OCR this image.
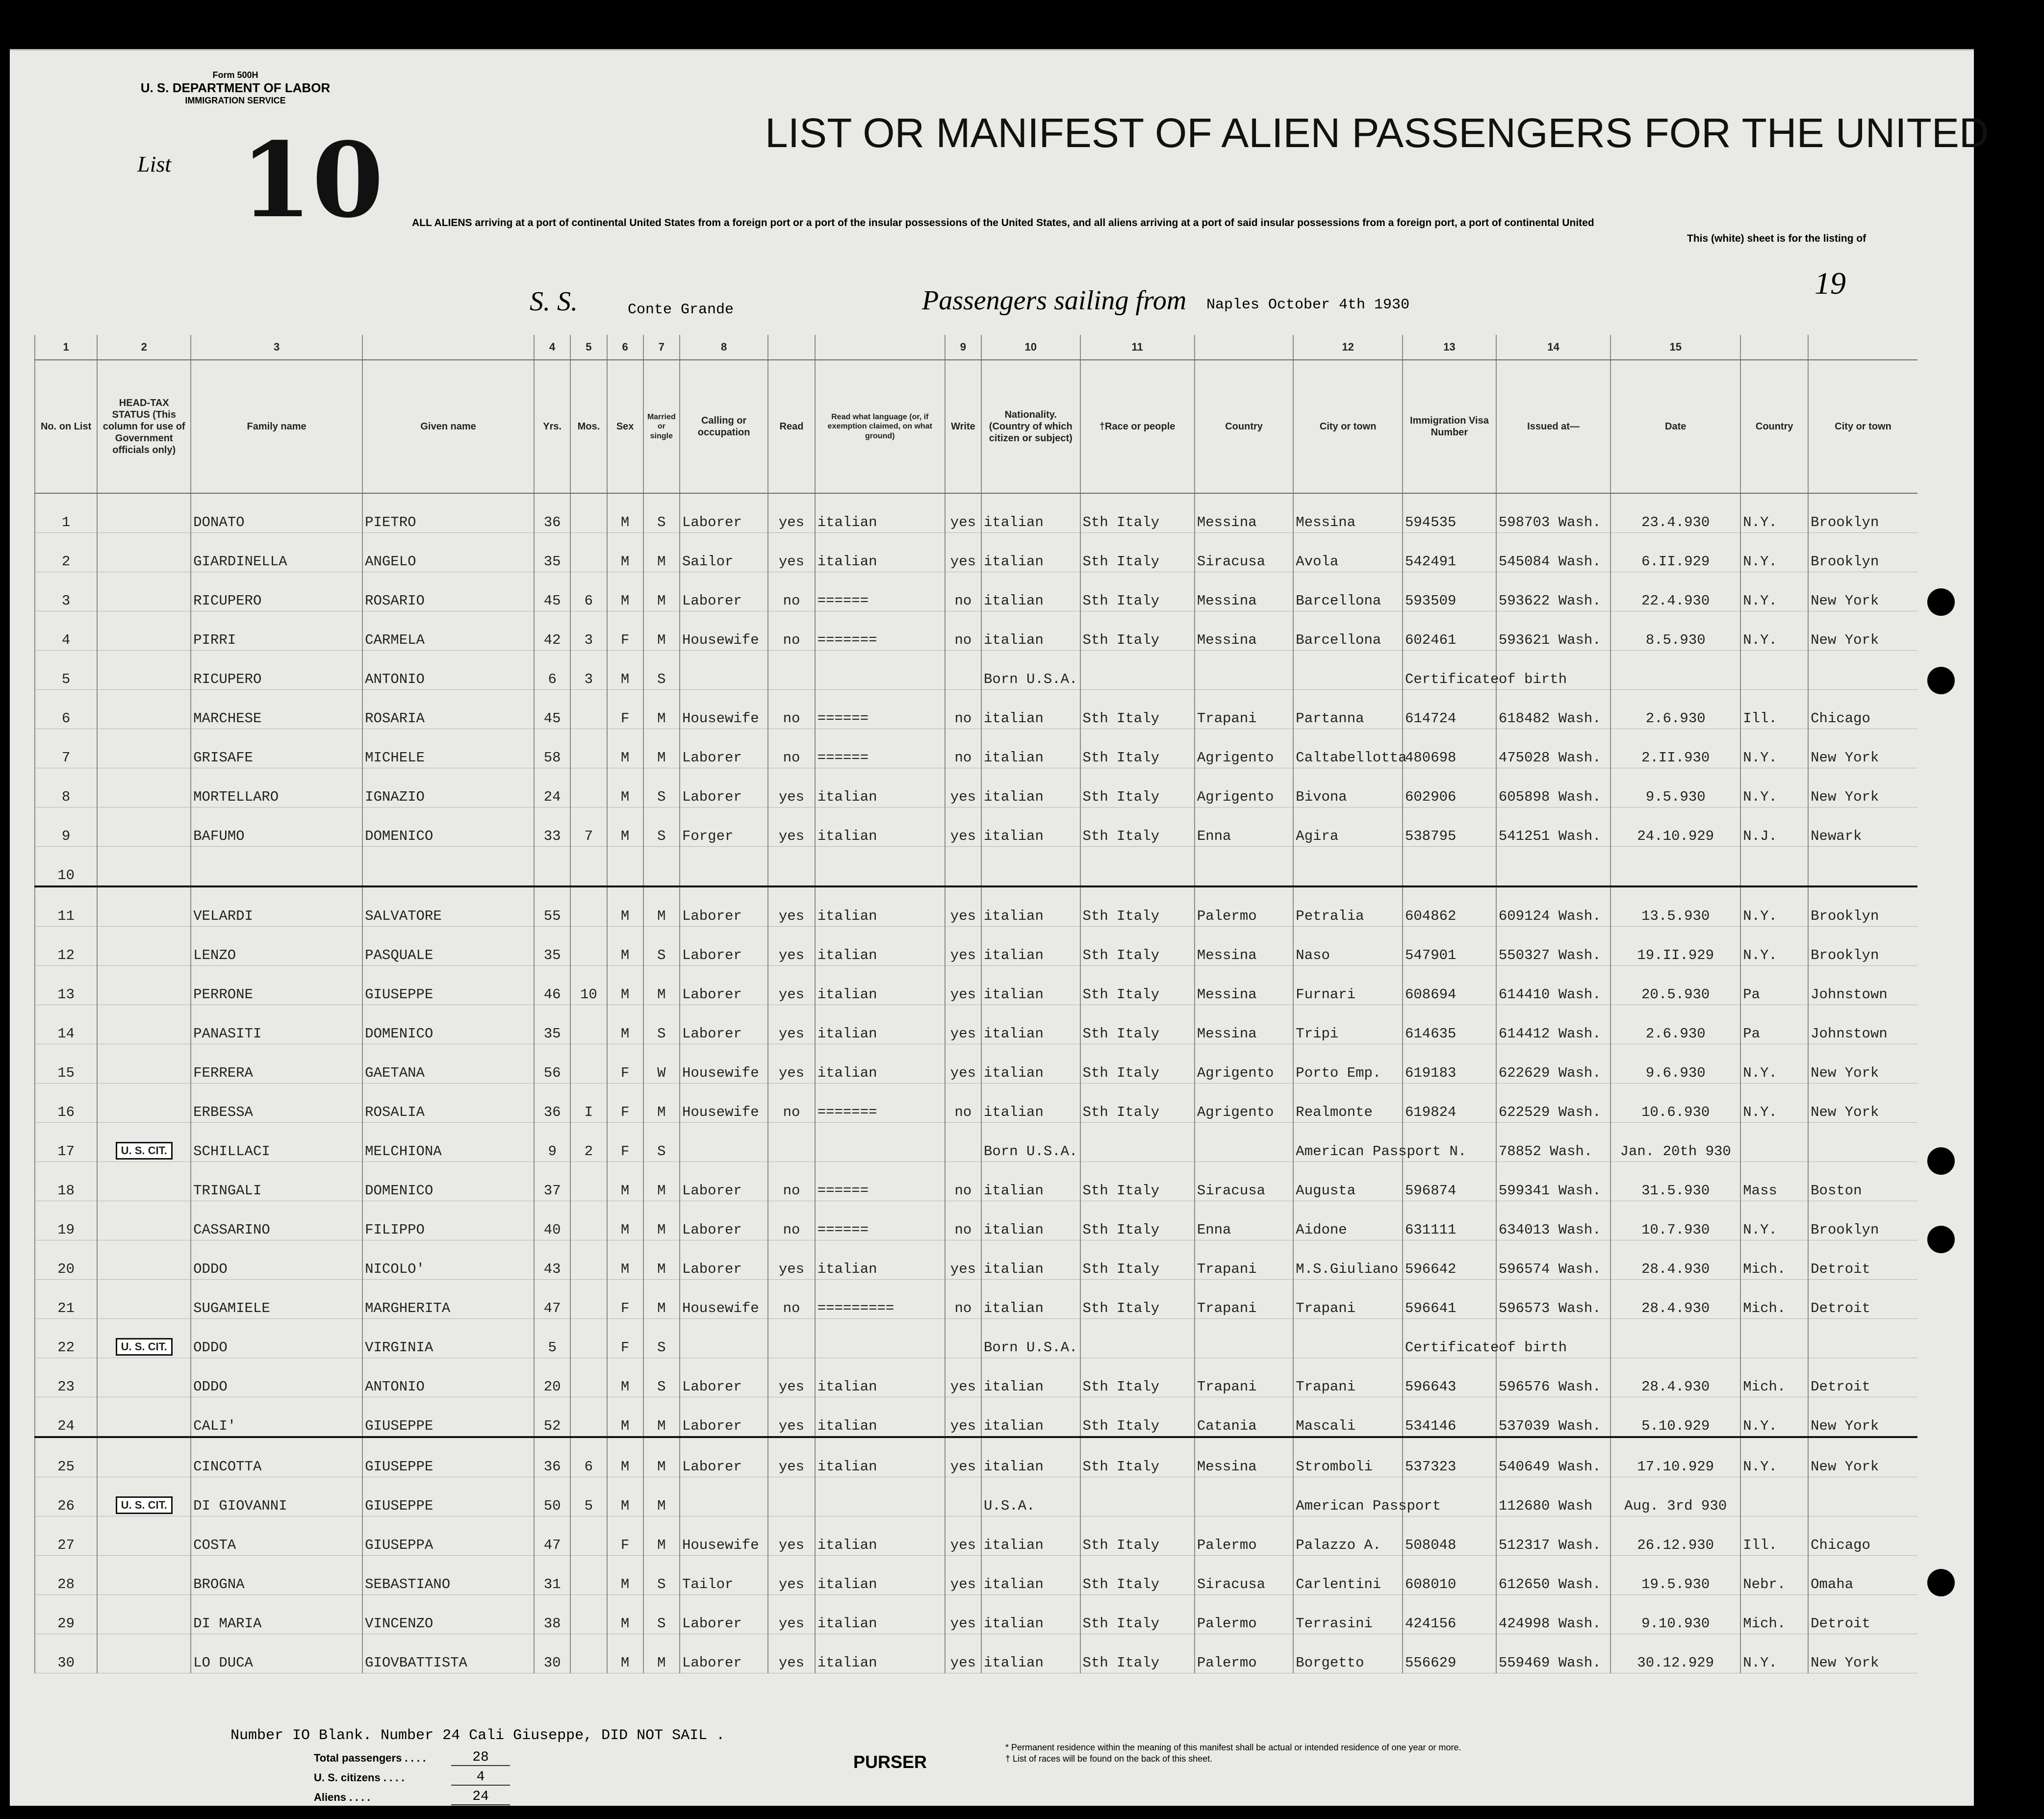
Form 500H
U. S. DEPARTMENT OF LABOR
IMMIGRATION SERVICE
List 10	LIST OR MANIFEST OF ALIEN PASSENGERS FOR THE UNITED
ALL ALIENS arriving at a port of continental United States from a foreign port or a port of the insular possessions of the United States, and all aliens arriving at a port of said insular possessions from a foreign port, a port of continental United
This (white) sheet is for the listing of
S. S.	Conte Grande	Passengers sailing from Naples October 4th 1930
19
1	2	3		4	5	6	7	8			9	10	11		12	13	14	15		
No. on List	HEAD-TAX STATUS (This column for use of Government officials only)	Family name	Given name	Yrs.	Mos.	Sex	Married or single	Calling or occupation	Read	Read what language (or, if exemption claimed, on what ground)	Write	Nationality. (Country of which citizen or subject)	†Race or people	Country	City or town	Immigration Visa Number	Issued at—	Date	Country	City or town
1		DONATO	PIETRO	36		M	S	Laborer	yes	italian	yes	italian	Sth Italy	Messina	Messina	594535	598703 Wash.	23.4.930	N.Y.	Brooklyn
2		GIARDINELLA	ANGELO	35		M	M	Sailor	yes	italian	yes	italian	Sth Italy	Siracusa	Avola	542491	545084 Wash.	6.II.929	N.Y.	Brooklyn
3		RICUPERO	ROSARIO	45	6	M	M	Laborer	no	======	no	italian	Sth Italy	Messina	Barcellona	593509	593622 Wash.	22.4.930	N.Y.	New York
4		PIRRI	CARMELA	42	3	F	M	Housewife	no	=======	no	italian	Sth Italy	Messina	Barcellona	602461	593621 Wash.	8.5.930	N.Y.	New York
5		RICUPERO	ANTONIO	6	3	M	S					Born U.S.A.				Certificate	of birth			
6		MARCHESE	ROSARIA	45		F	M	Housewife	no	======	no	italian	Sth Italy	Trapani	Partanna	614724	618482 Wash.	2.6.930	Ill.	Chicago
7		GRISAFE	MICHELE	58		M	M	Laborer	no	======	no	italian	Sth Italy	Agrigento	Caltabellotta	480698	475028 Wash.	2.II.930	N.Y.	New York
8		MORTELLARO	IGNAZIO	24		M	S	Laborer	yes	italian	yes	italian	Sth Italy	Agrigento	Bivona	602906	605898 Wash.	9.5.930	N.Y.	New York
9		BAFUMO	DOMENICO	33	7	M	S	Forger	yes	italian	yes	italian	Sth Italy	Enna	Agira	538795	541251 Wash.	24.10.929	N.J.	Newark
10																				
11		VELARDI	SALVATORE	55		M	M	Laborer	yes	italian	yes	italian	Sth Italy	Palermo	Petralia	604862	609124 Wash.	13.5.930	N.Y.	Brooklyn
12		LENZO	PASQUALE	35		M	S	Laborer	yes	italian	yes	italian	Sth Italy	Messina	Naso	547901	550327 Wash.	19.II.929	N.Y.	Brooklyn
13		PERRONE	GIUSEPPE	46	10	M	M	Laborer	yes	italian	yes	italian	Sth Italy	Messina	Furnari	608694	614410 Wash.	20.5.930	Pa	Johnstown
14		PANASITI	DOMENICO	35		M	S	Laborer	yes	italian	yes	italian	Sth Italy	Messina	Tripi	614635	614412 Wash.	2.6.930	Pa	Johnstown
15		FERRERA	GAETANA	56		F	W	Housewife	yes	italian	yes	italian	Sth Italy	Agrigento	Porto Emp.	619183	622629 Wash.	9.6.930	N.Y.	New York
16		ERBESSA	ROSALIA	36	I	F	M	Housewife	no	=======	no	italian	Sth Italy	Agrigento	Realmonte	619824	622529 Wash.	10.6.930	N.Y.	New York
17	U. S. CIT.	SCHILLACI	MELCHIONA	9	2	F	S					Born U.S.A.			American Passport N.		78852 Wash.	Jan. 20th 930		
18		TRINGALI	DOMENICO	37		M	M	Laborer	no	======	no	italian	Sth Italy	Siracusa	Augusta	596874	599341 Wash.	31.5.930	Mass	Boston
19		CASSARINO	FILIPPO	40		M	M	Laborer	no	======	no	italian	Sth Italy	Enna	Aidone	631111	634013 Wash.	10.7.930	N.Y.	Brooklyn
20		ODDO	NICOLO'	43		M	M	Laborer	yes	italian	yes	italian	Sth Italy	Trapani	M.S.Giuliano	596642	596574 Wash.	28.4.930	Mich.	Detroit
21		SUGAMIELE	MARGHERITA	47		F	M	Housewife	no	=========	no	italian	Sth Italy	Trapani	Trapani	596641	596573 Wash.	28.4.930	Mich.	Detroit
22	U. S. CIT.	ODDO	VIRGINIA	5		F	S					Born U.S.A.				Certificate	of birth			
23		ODDO	ANTONIO	20		M	S	Laborer	yes	italian	yes	italian	Sth Italy	Trapani	Trapani	596643	596576 Wash.	28.4.930	Mich.	Detroit
24		CALI'	GIUSEPPE	52		M	M	Laborer	yes	italian	yes	italian	Sth Italy	Catania	Mascali	534146	537039 Wash.	5.10.929	N.Y.	New York
25		CINCOTTA	GIUSEPPE	36	6	M	M	Laborer	yes	italian	yes	italian	Sth Italy	Messina	Stromboli	537323	540649 Wash.	17.10.929	N.Y.	New York
26	U. S. CIT.	DI GIOVANNI	GIUSEPPE	50	5	M	M					U.S.A.			American Passport		112680 Wash	Aug. 3rd 930		
27		COSTA	GIUSEPPA	47		F	M	Housewife	yes	italian	yes	italian	Sth Italy	Palermo	Palazzo A.	508048	512317 Wash.	26.12.930	Ill.	Chicago
28		BROGNA	SEBASTIANO	31		M	S	Tailor	yes	italian	yes	italian	Sth Italy	Siracusa	Carlentini	608010	612650 Wash.	19.5.930	Nebr.	Omaha
29		DI MARIA	VINCENZO	38		M	S	Laborer	yes	italian	yes	italian	Sth Italy	Palermo	Terrasini	424156	424998 Wash.	9.10.930	Mich.	Detroit
30		LO DUCA	GIOVBATTISTA	30		M	M	Laborer	yes	italian	yes	italian	Sth Italy	Palermo	Borgetto	556629	559469 Wash.	30.12.929	N.Y.	New York
Number IO Blank. Number 24 Cali Giuseppe, DID NOT SAIL .
Total passengers . . . .	28
U. S. citizens . . . .	4
Aliens . . . .	24
PURSER
* Permanent residence within the meaning of this manifest shall be actual or intended residence of one year or more.
† List of races will be found on the back of this sheet.
